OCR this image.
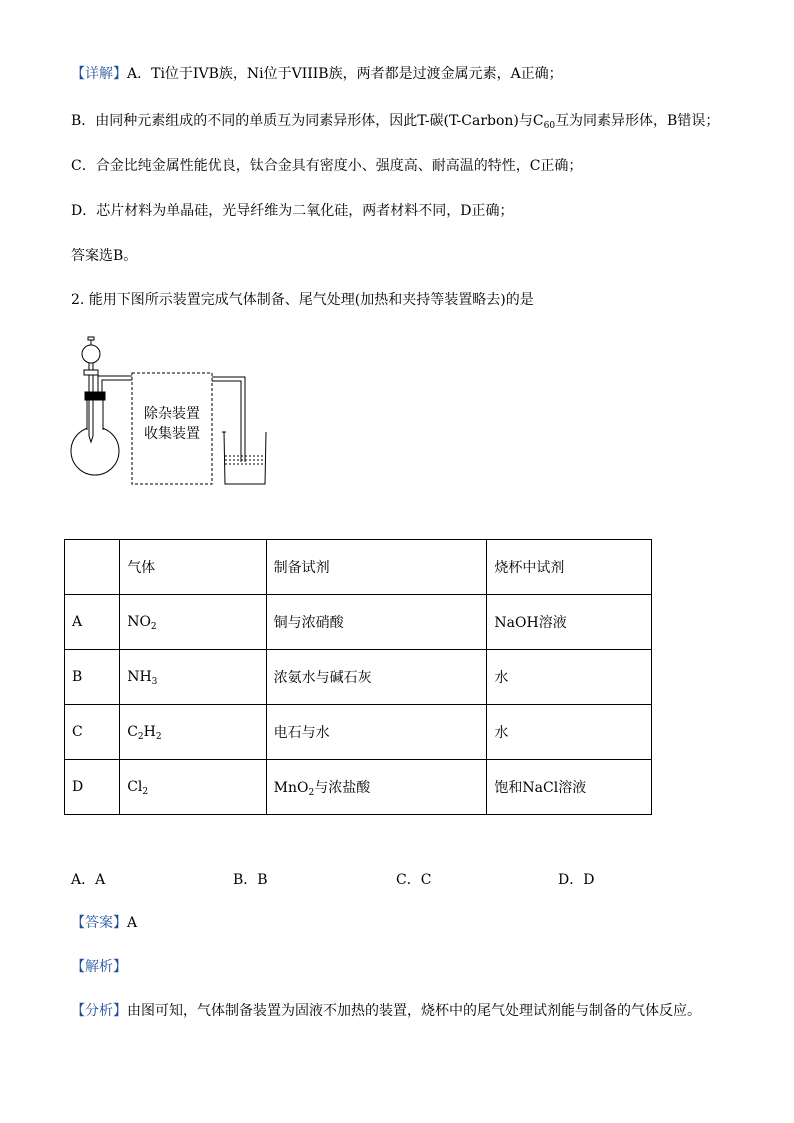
【详解】A．Ti位于IVB族，Ni位于VIIIB族，两者都是过渡金属元素，A正确；
B．由同种元素组成的不同的单质互为同素异形体，因此T-碳(T-Carbon)与$C_{60}$互为同素异形体，B错误；
C．合金比纯金属性能优良，钛合金具有密度小、强度高、耐高温的特性，C正确；
D．芯片材料为单晶硅，光导纤维为二氧化硅，两者材料不同，D正确；
答案选B。
2. 能用下图所示装置完成气体制备、尾气处理(加热和夹持等装置略去)的是
除杂装置
收集装置
	气体	制备试剂	烧杯中试剂
A	$NO_2$	铜与浓硝酸	NaOH溶液
B	$NH_3$	浓氨水与碱石灰	水
C	$C_2H_2$	电石与水	水
D	$Cl_2$	MnO$_2$与浓盐酸	饱和NaCl溶液
A．A	B．B	C．C	D．D
【答案】A
【解析】
【分析】由图可知，气体制备装置为固液不加热的装置，烧杯中的尾气处理试剂能与制备的气体反应。
